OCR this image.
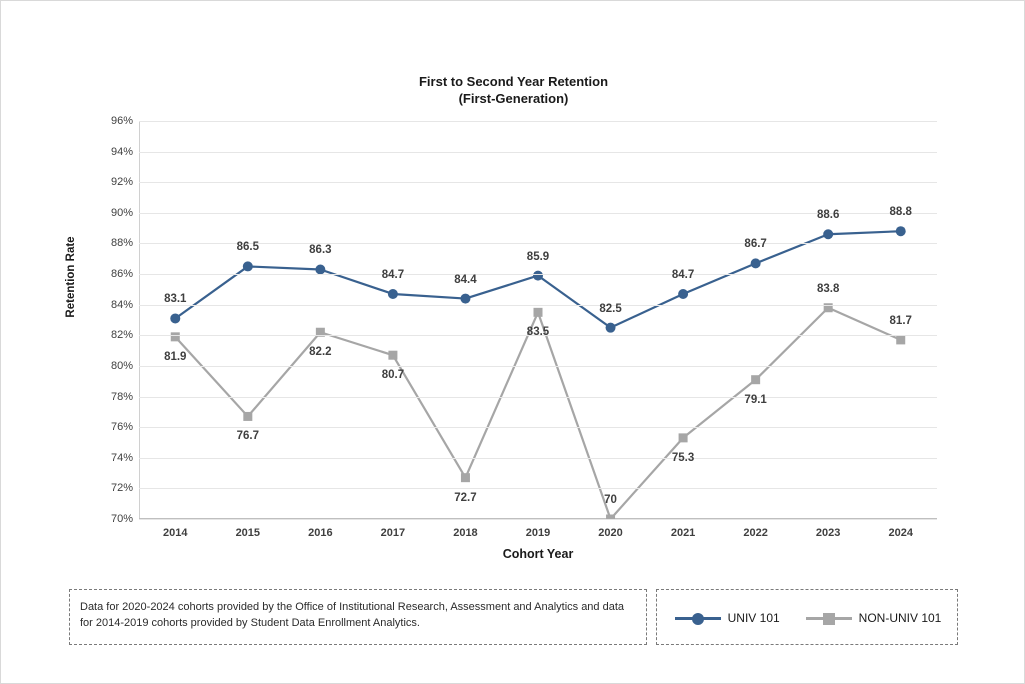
First to Second Year Retention
(First-Generation)
Retention Rate
70%
72%
74%
76%
78%
80%
82%
84%
86%
88%
90%
92%
94%
96%
Cohort Year
Data for 2020-2024 cohorts provided by the Office of Institutional Research, Assessment and Analytics and data for 2014-2019 cohorts provided by Student Data Enrollment Analytics.	UNIV 101	NON-UNIV 101
2014	2015	2016	2017	2018	2019	2020	2021	2022	2023	2024
83.1
86.5	86.3
84.7	84.4
85.9
82.5
84.7
86.7
88.6	88.8
81.9
76.7
82.2
80.7
72.7
83.5
70
75.3
79.1
83.8
81.7
